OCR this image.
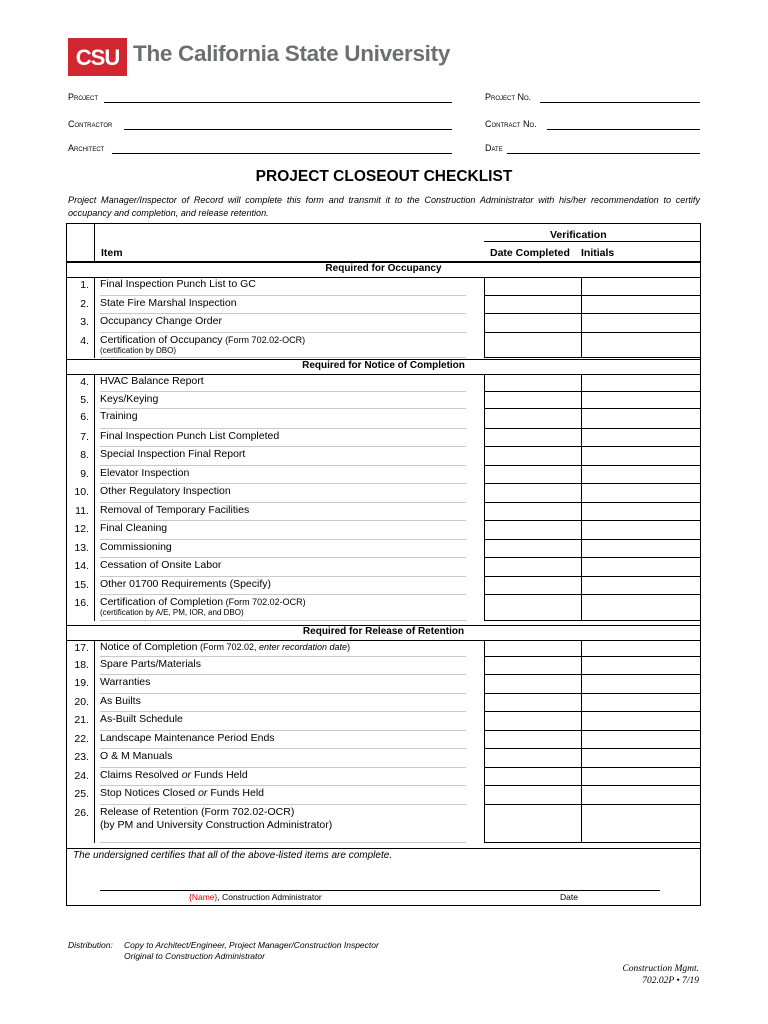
CSU The California State University
Project
Contractor
Architect
Project No.
Contract No.
Date
PROJECT CLOSEOUT CHECKLIST
Project Manager/Inspector of Record will complete this form and transmit it to the Construction Administrator with his/her recommendation to certify occupancy and completion, and release retention.
Verification
Item	Date Completed Initials
Required for Occupancy
1. Final Inspection Punch List to GC
2. State Fire Marshal Inspection
3. Occupancy Change Order
4. Certification of Occupancy (Form 702.02-OCR)
(certification by DBO)
Required for Notice of Completion
4. HVAC Balance Report
5. Keys/Keying
6. Training
7. Final Inspection Punch List Completed
8. Special Inspection Final Report
9. Elevator Inspection
10. Other Regulatory Inspection
11. Removal of Temporary Facilities
12. Final Cleaning
13. Commissioning
14. Cessation of Onsite Labor
15. Other 01700 Requirements (Specify)
16. Certification of Completion (Form 702.02-OCR)
(certification by A/E, PM, IOR, and DBO)
Required for Release of Retention
17. Notice of Completion (Form 702.02, enter recordation date)
18. Spare Parts/Materials
19. Warranties
20. As Builts
21. As-Built Schedule
22. Landscape Maintenance Period Ends
23. O & M Manuals
24. Claims Resolved or Funds Held
25. Stop Notices Closed or Funds Held
26. Release of Retention (Form 702.02-OCR)
(by PM and University Construction Administrator)
The undersigned certifies that all of the above-listed items are complete.
{Name}, Construction Administrator	Date
Distribution: Copy to Architect/Engineer, Project Manager/Construction Inspector
Original to Construction Administrator
Construction Mgmt.
702.02P • 7/19
